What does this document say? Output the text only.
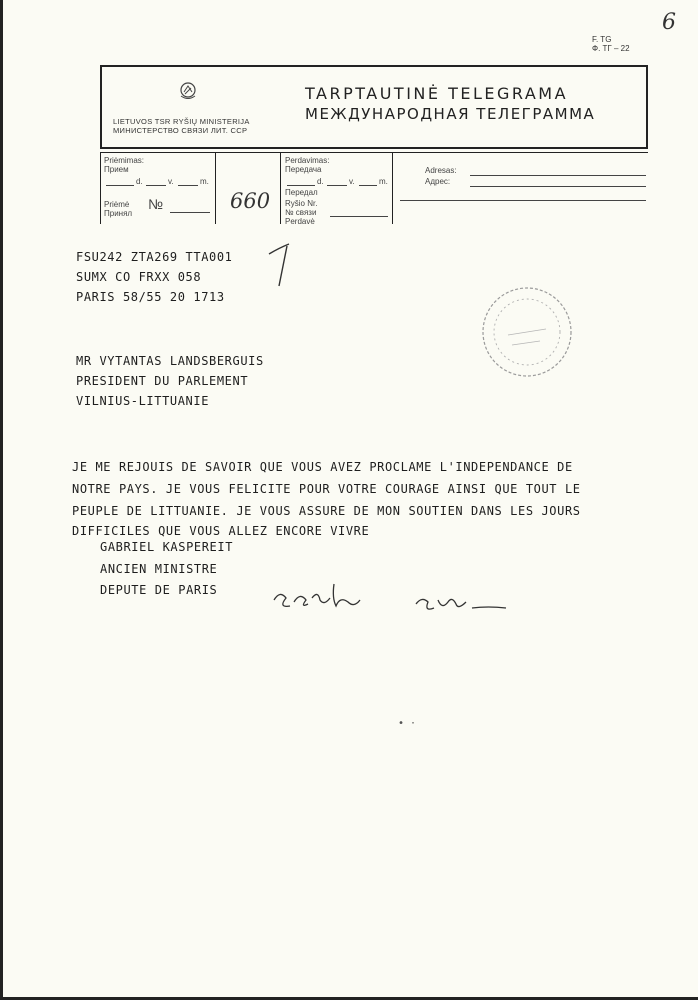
6
F. TG
Ф. ТГ – 22
LIETUVOS TSR RYŠIŲ MINISTERIJA
МИНИСТЕРСТВО СВЯЗИ ЛИТ. ССР
TARPTAUTINĖ TELEGRAMA
МЕЖДУНАРОДНАЯ ТЕЛЕГРАММА
Priėmimas:
Прием
d.	v.	m.
Priėmė
Принял
№	660
Perdavimas:
Передача
d.	v.	m.
Передал
Ryšio Nr.
№ связи
Perdavė
Adresas:
Адрес:
FSU242 ZTA269 TTA001
SUMX CO FRXX 058
PARIS 58/55 20 1713
MR VYTANTAS LANDSBERGUIS
PRESIDENT DU PARLEMENT
VILNIUS-LITTUANIE
JE ME REJOUIS DE SAVOIR QUE VOUS AVEZ PROCLAME L'INDEPENDANCE DE
NOTRE PAYS. JE VOUS FELICITE POUR VOTRE COURAGE AINSI QUE TOUT LE
PEUPLE DE LITTUANIE. JE VOUS ASSURE DE MON SOUTIEN DANS LES JOURS
DIFFICILES QUE VOUS ALLEZ ENCORE VIVRE
GABRIEL KASPEREIT
ANCIEN MINISTRE
DEPUTE DE PARIS
• ·
